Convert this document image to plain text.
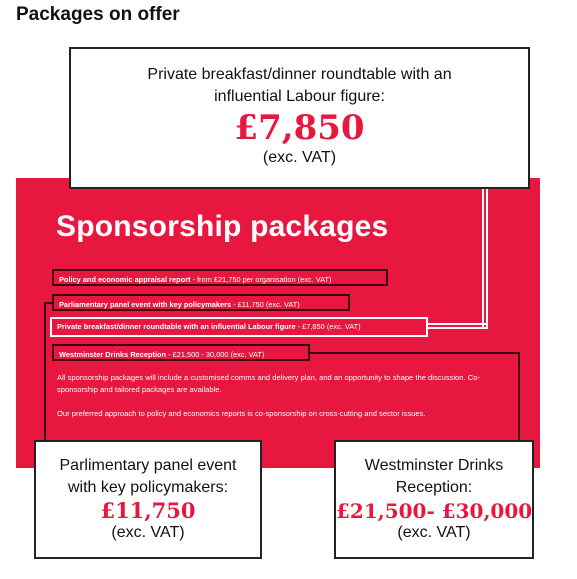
Packages on offer
Sponsorship packages
Policy and economic appraisal report - from £21,750 per organisation (exc. VAT)
Parliamentary panel event with key policymakers - £11,750 (exc. VAT)
Private breakfast/dinner roundtable with an influential Labour figure - £7,850 (exc. VAT)
Westminster Drinks Reception - £21,500 - 30,000 (exc. VAT)
All sponsorship packages will include a customised comms and delivery plan, and an opportunity to shape the discussion. Co-sponsorship and tailored packages are available.
Our preferred approach to policy and economics reports is co-sponsorship on cross-cutting and sector issues.
Private breakfast/dinner roundtable with an influential Labour figure:
£7,850
(exc. VAT)
Parlimentary panel event with key policymakers:
£11,750
(exc. VAT)
Westminster Drinks Reception:
£21,500- £30,000
(exc. VAT)
